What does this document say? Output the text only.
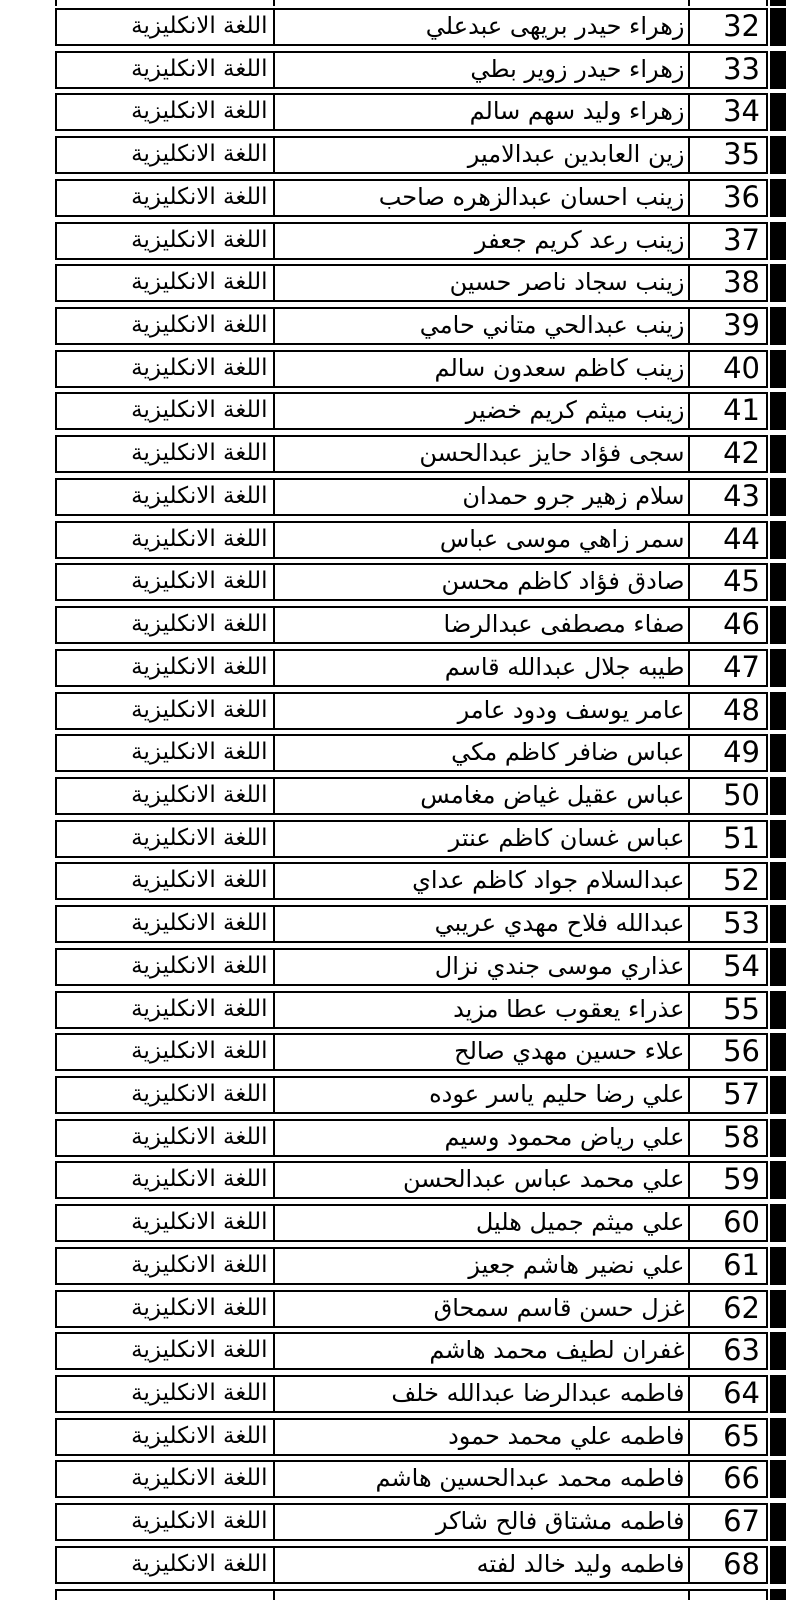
اللغة الانكليزية	زهراء حيدر بريهى عبدعلي	32
اللغة الانكليزية	زهراء حيدر زوير بطي	33
اللغة الانكليزية	زهراء وليد سهم سالم	34
اللغة الانكليزية	زين العابدين عبدالامير	35
اللغة الانكليزية	زينب احسان عبدالزهره صاحب	36
اللغة الانكليزية	زينب رعد كريم جعفر	37
اللغة الانكليزية	زينب سجاد ناصر حسين	38
اللغة الانكليزية	زينب عبدالحي متاني حامي	39
اللغة الانكليزية	زينب كاظم سعدون سالم	40
اللغة الانكليزية	زينب ميثم كريم خضير	41
اللغة الانكليزية	سجى فؤاد حايز عبدالحسن	42
اللغة الانكليزية	سلام زهير جرو حمدان	43
اللغة الانكليزية	سمر زاهي موسى عباس	44
اللغة الانكليزية	صادق فؤاد كاظم محسن	45
اللغة الانكليزية	صفاء مصطفى عبدالرضا	46
اللغة الانكليزية	طيبه جلال عبدالله قاسم	47
اللغة الانكليزية	عامر يوسف ودود عامر	48
اللغة الانكليزية	عباس ضافر كاظم مكي	49
اللغة الانكليزية	عباس عقيل غياض مغامس	50
اللغة الانكليزية	عباس غسان كاظم عنتر	51
اللغة الانكليزية	عبدالسلام جواد كاظم عداي	52
اللغة الانكليزية	عبدالله فلاح مهدي عريبي	53
اللغة الانكليزية	عذاري موسى جندي نزال	54
اللغة الانكليزية	عذراء يعقوب عطا مزيد	55
اللغة الانكليزية	علاء حسين مهدي صالح	56
اللغة الانكليزية	علي رضا حليم ياسر عوده	57
اللغة الانكليزية	علي رياض محمود وسيم	58
اللغة الانكليزية	علي محمد عباس عبدالحسن	59
اللغة الانكليزية	علي ميثم جميل هليل	60
اللغة الانكليزية	علي نضير هاشم جعيز	61
اللغة الانكليزية	غزل حسن قاسم سمحاق	62
اللغة الانكليزية	غفران لطيف محمد هاشم	63
اللغة الانكليزية	فاطمه عبدالرضا عبدالله خلف	64
اللغة الانكليزية	فاطمه علي محمد حمود	65
اللغة الانكليزية	فاطمه محمد عبدالحسين هاشم	66
اللغة الانكليزية	فاطمه مشتاق فالح شاكر	67
اللغة الانكليزية	فاطمه وليد خالد لفته	68
